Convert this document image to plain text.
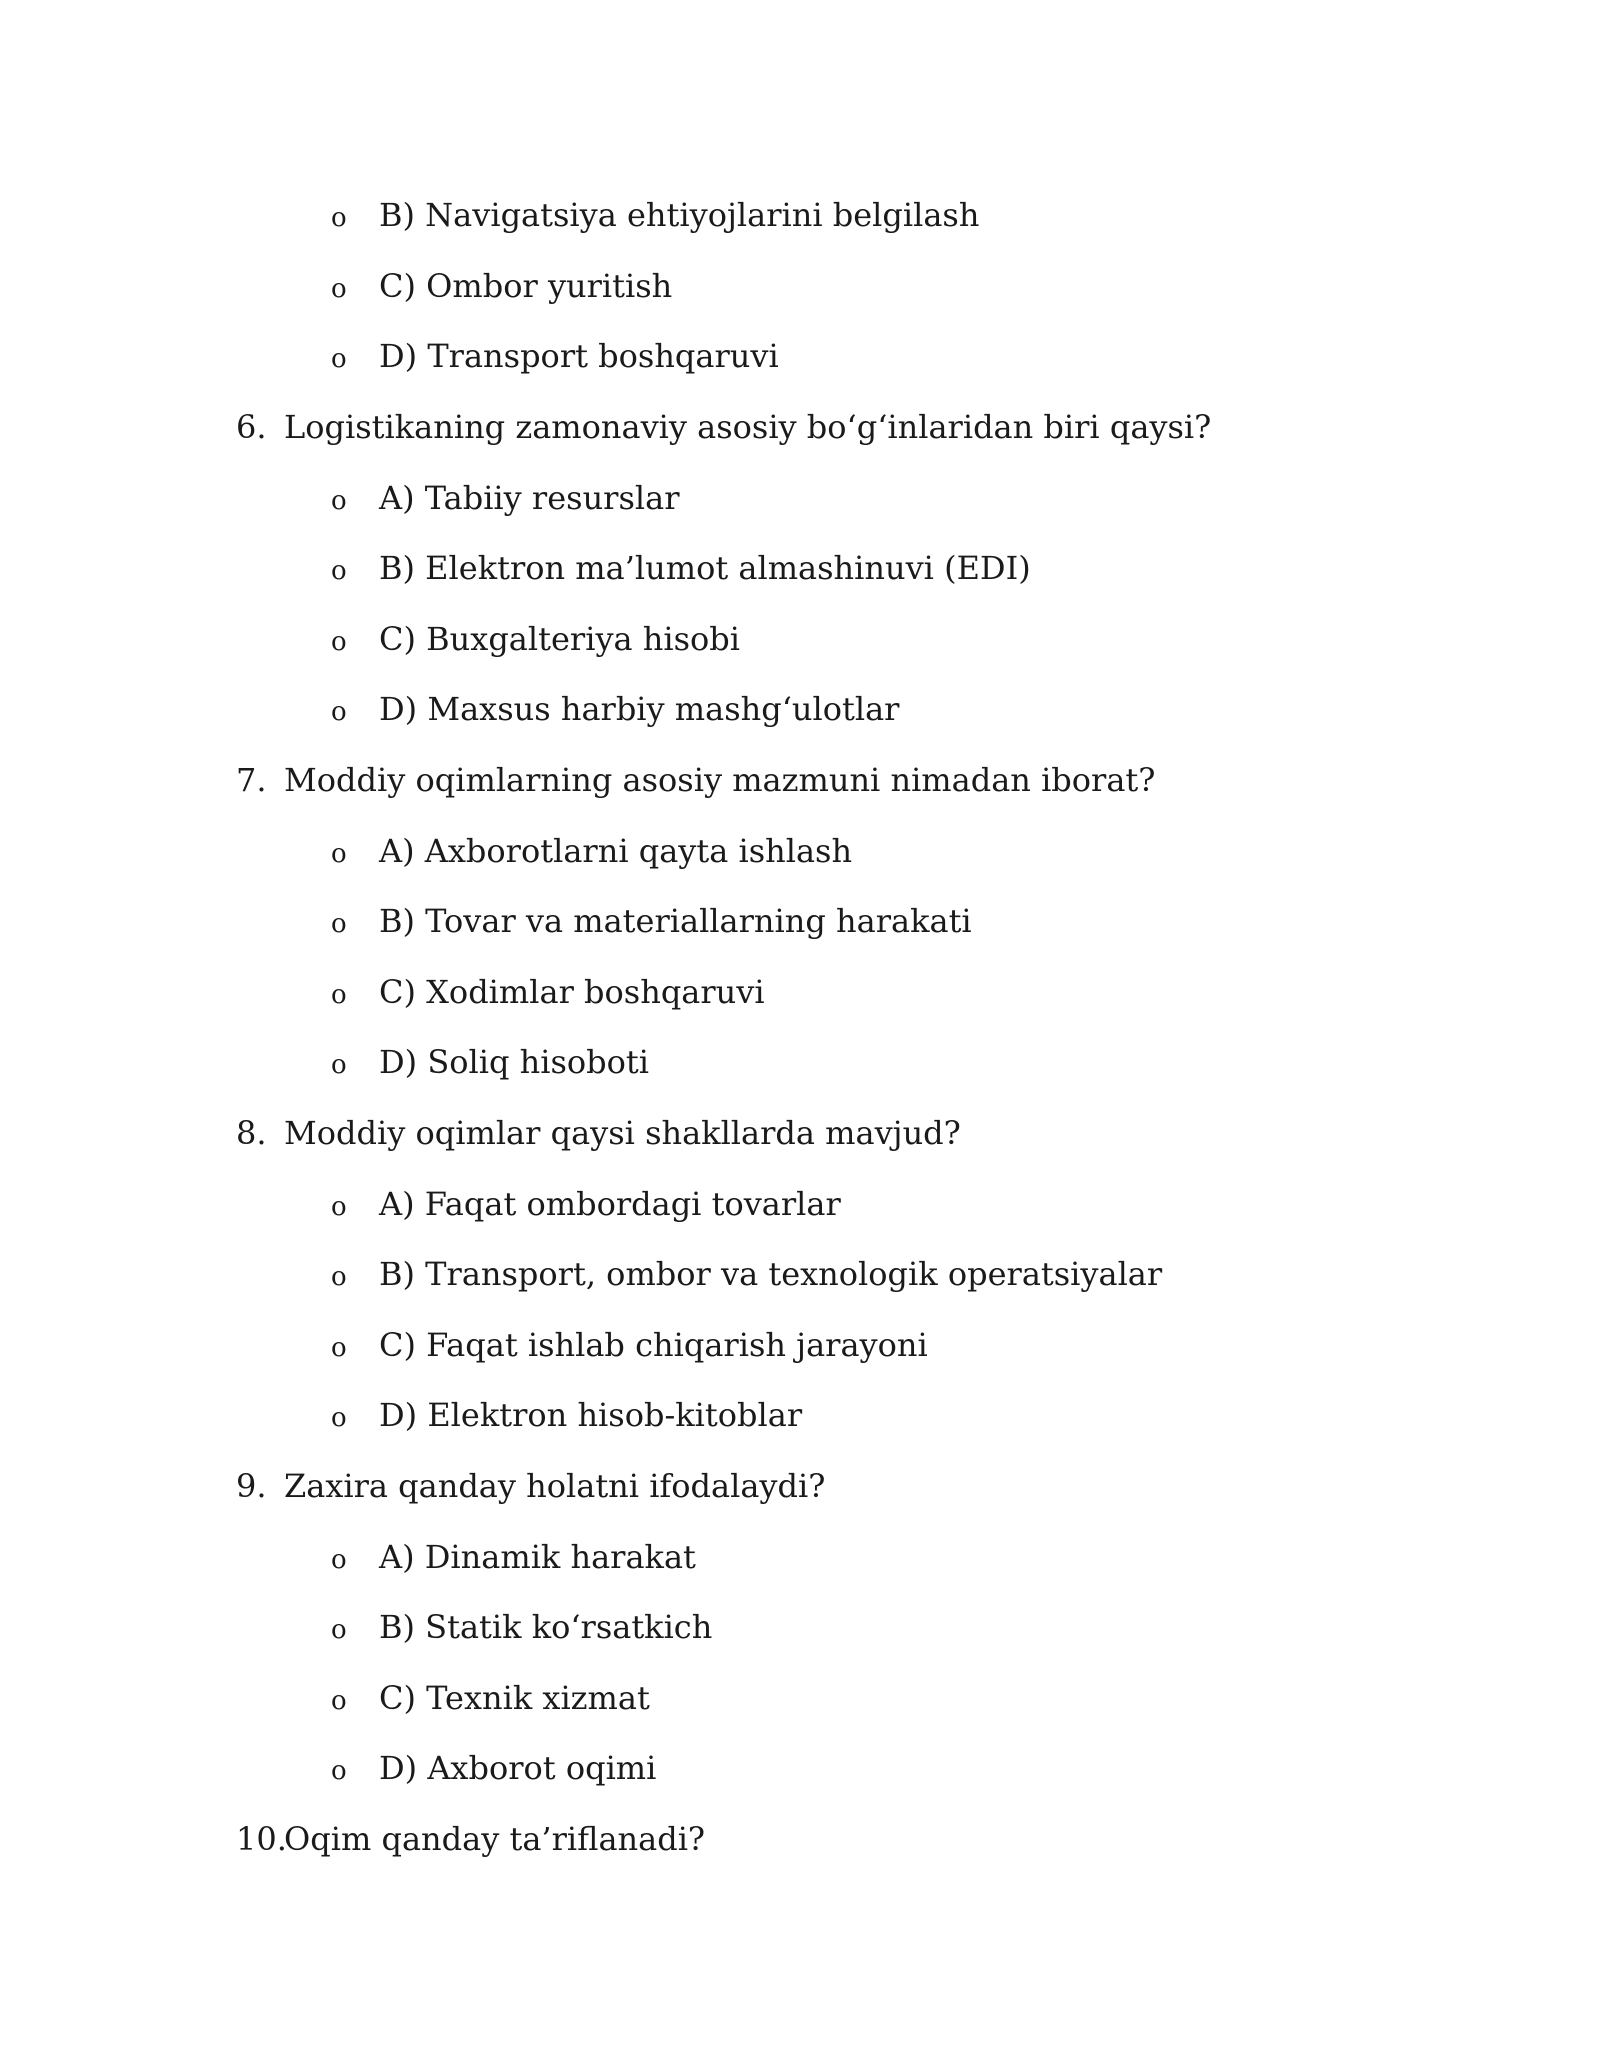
o	B) Navigatsiya ehtiyojlarini belgilash
o	C) Ombor yuritish
o	D) Transport boshqaruvi
6. Logistikaning zamonaviy asosiy bo‘g‘inlaridan biri qaysi?
o	A) Tabiiy resurslar
o	B) Elektron ma’lumot almashinuvi (EDI)
o	C) Buxgalteriya hisobi
o	D) Maxsus harbiy mashg‘ulotlar
7. Moddiy oqimlarning asosiy mazmuni nimadan iborat?
o	A) Axborotlarni qayta ishlash
o	B) Tovar va materiallarning harakati
o	C) Xodimlar boshqaruvi
o	D) Soliq hisoboti
8. Moddiy oqimlar qaysi shakllarda mavjud?
o	A) Faqat ombordagi tovarlar
o	B) Transport, ombor va texnologik operatsiyalar
o	C) Faqat ishlab chiqarish jarayoni
o	D) Elektron hisob-kitoblar
9. Zaxira qanday holatni ifodalaydi?
o	A) Dinamik harakat
o	B) Statik ko‘rsatkich
o	C) Texnik xizmat
o	D) Axborot oqimi
10.
Oqim qanday ta’riflanadi?
